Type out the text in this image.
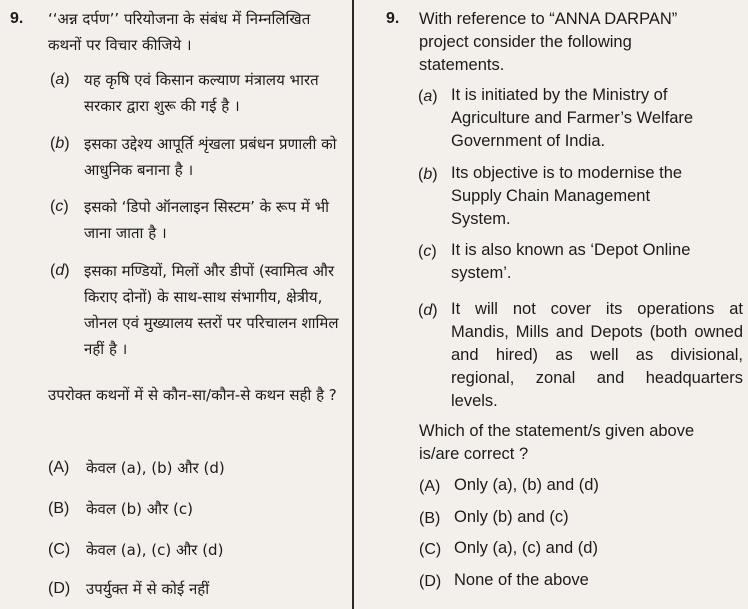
9. ‘‘अन्न दर्पण’’ परियोजना के संबंध में निम्नलिखित कथनों पर विचार कीजिये ।
(a) यह कृषि एवं किसान कल्याण मंत्रालय भारत सरकार द्वारा शुरू की गई है ।
(b) इसका उद्देश्य आपूर्ति शृंखला प्रबंधन प्रणाली को आधुनिक बनाना है ।
(c) इसको ‘डिपो ऑनलाइन सिस्टम’ के रूप में भी जाना जाता है ।
(d) इसका मण्डियों, मिलों और डीपों (स्वामित्व और किराए दोनों) के साथ-साथ संभागीय, क्षेत्रीय, जोनल एवं मुख्यालय स्तरों पर परिचालन शामिल नहीं है ।
उपरोक्त कथनों में से कौन-सा/कौन-से कथन सही है ?
(A) केवल (a), (b) और (d)
(B) केवल (b) और (c)
(C) केवल (a), (c) और (d)
(D) उपर्युक्त में से कोई नहीं
9. With reference to “ANNA DARPAN” project consider the following statements.
(a) It is initiated by the Ministry of Agriculture and Farmer’s Welfare Government of India.
(b) Its objective is to modernise the Supply Chain Management System.
(c) It is also known as ‘Depot Online system’.
(d) It will not cover its operations at Mandis, Mills and Depots (both owned and hired) as well as divisional, regional, zonal and headquarters levels.
Which of the statement/s given above is/are correct ?
(A) Only (a), (b) and (d)
(B) Only (b) and (c)
(C) Only (a), (c) and (d)
(D) None of the above
